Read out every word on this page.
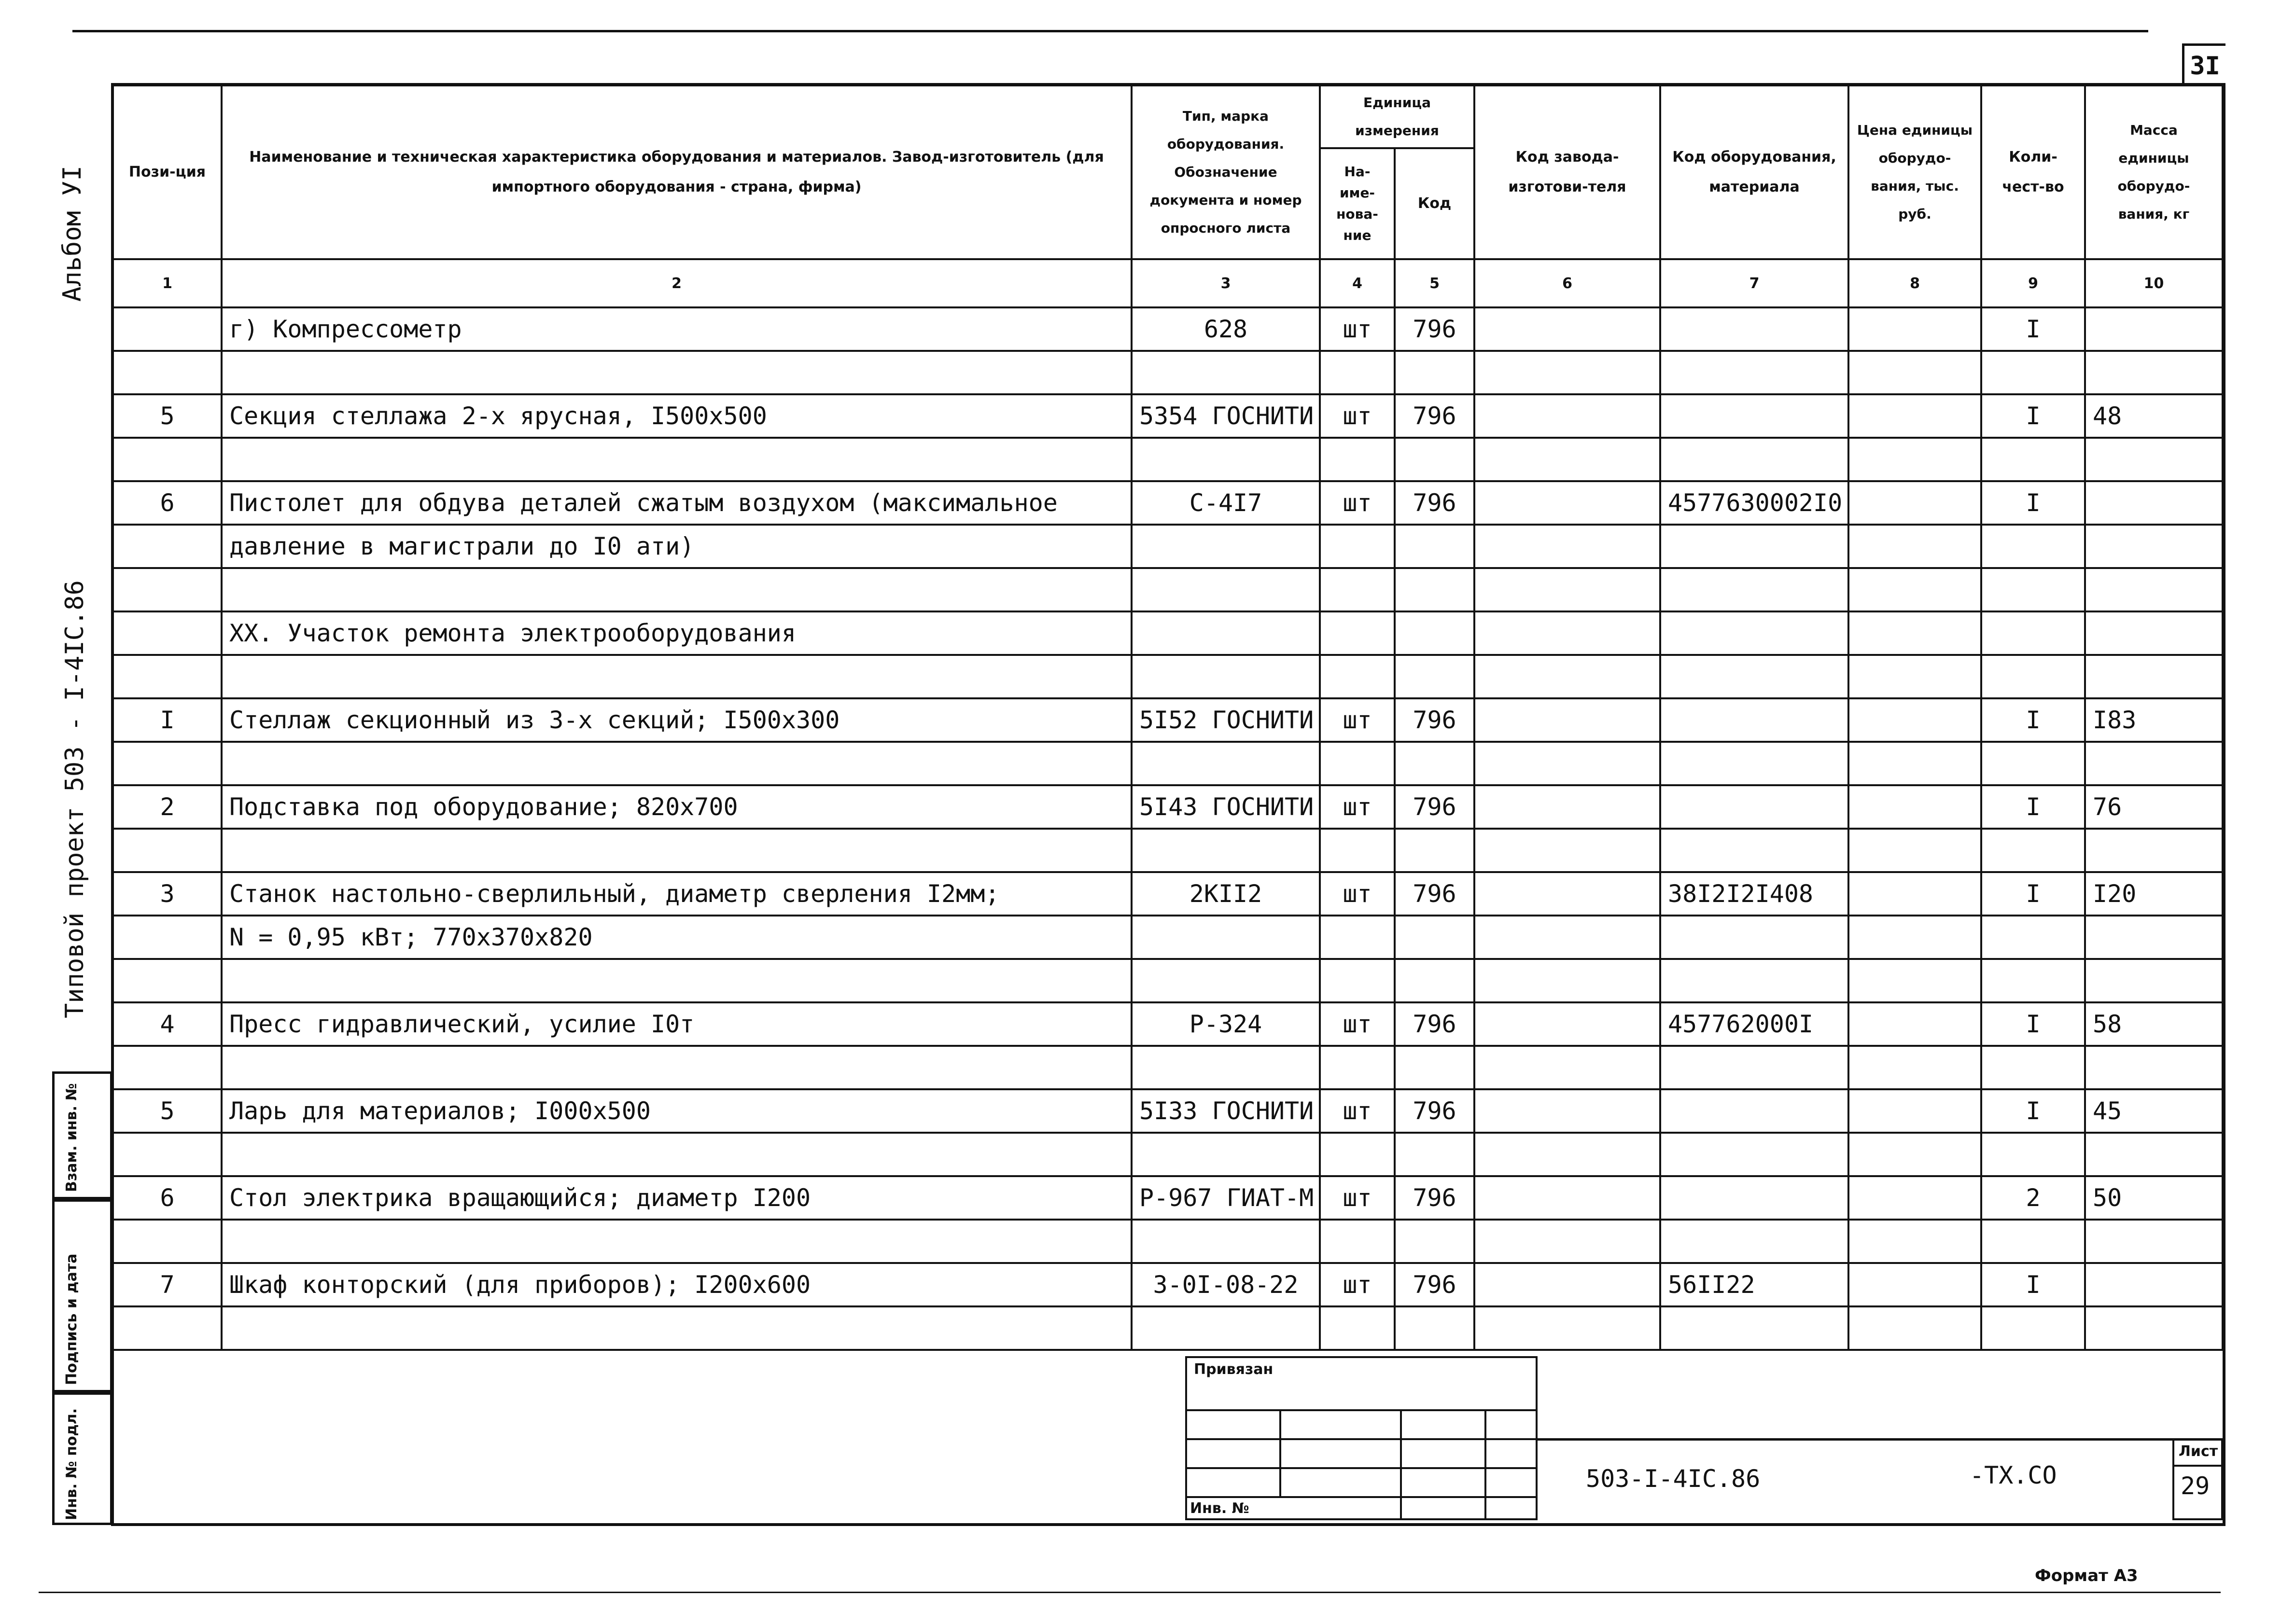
3I
Альбом УI
Типовой проект 503 - I-4IC.86
Взам. инв. №
Подпись и дата
Инв. № подл.
Пози-ция	Наименование и техническая характеристика оборудования и материалов. Завод-изготовитель (для импортного оборудования - страна, фирма)	Тип, марка оборудования. Обозначение документа и номер опросного листа	Единица измерения		Код завода-изготови-теля	Код оборудования, материала	Цена единицы оборудо-вания, тыс. руб.	Коли-чест-во	Масса единицы оборудо-вания, кг
			На-име-нова-ние	Код					
1	2	3	4	5	6	7	8	9	10
	г) Компрессометр	628	шт	796				I	

5	Секция стеллажа 2-х ярусная, I500x500	5354 ГОСНИТИ	шт	796				I	48

6	Пистолет для обдува деталей сжатым воздухом (максимальное	С-4I7	шт	796		4577630002I0		I	
	давление в магистрали до I0 ати)								

	XX. Участок ремонта электрооборудования								

I	Стеллаж секционный из 3-х секций; I500x300	5I52 ГОСНИТИ	шт	796				I	I83

2	Подставка под оборудование; 820x700	5I43 ГОСНИТИ	шт	796				I	76

3	Станок настольно-сверлильный, диаметр сверления I2мм;	2КII2	шт	796		38I2I2I408		I	I20
	N = 0,95 кВт; 770x370x820								

4	Пресс гидравлический, усилие I0т	Р-324	шт	796		457762000I		I	58

5	Ларь для материалов; I000x500	5I33 ГОСНИТИ	шт	796				I	45

6	Стол электрика вращающийся; диаметр I200	Р-967 ГИАТ-М	шт	796				2	50

7	Шкаф конторский (для приборов); I200x600	3-0I-08-22	шт	796		56II22		I	

Привязан
Инв. №
503-I-4IC.86	-TX.CO
Лист
29
Формат А3
